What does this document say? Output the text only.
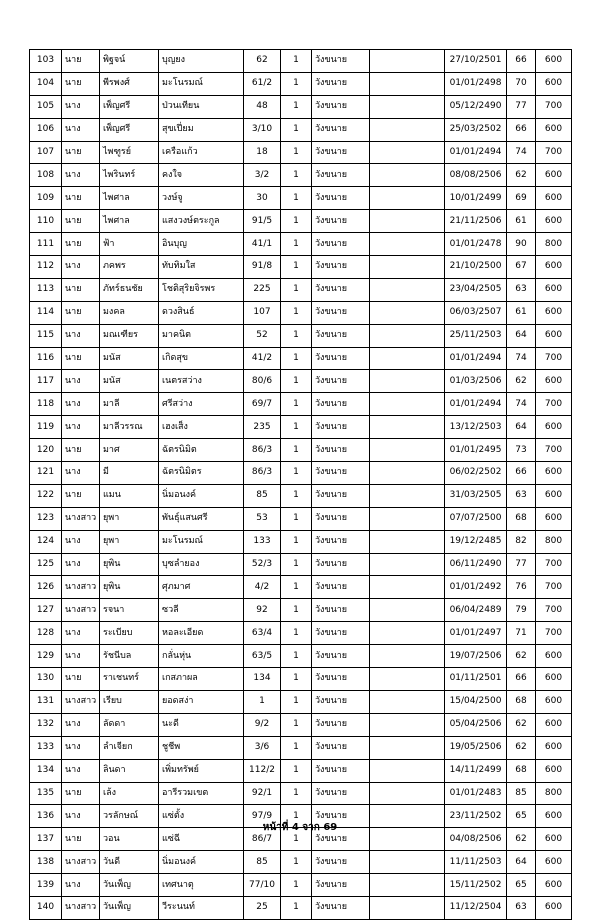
103	นาย	พิฐจน์	บุญยง	62	1	วังขนาย		27/10/2501	66	600
104	นาย	พีรพงศ์	มะโนรมณ์	61/2	1	วังขนาย		01/01/2498	70	600
105	นาง	เพ็ญศรี	ป่วนเทียน	48	1	วังขนาย		05/12/2490	77	700
106	นาง	เพ็ญศรี	สุขเปี่ยม	3/10	1	วังขนาย		25/03/2502	66	600
107	นาย	ไพฑูรย์	เครือแก้ว	18	1	วังขนาย		01/01/2494	74	700
108	นาง	ไพรินทร์	คงใจ	3/2	1	วังขนาย		08/08/2506	62	600
109	นาย	ไพศาล	วงษ์จู	30	1	วังขนาย		10/01/2499	69	600
110	นาย	ไพศาล	แสงวงษ์ตระกูล	91/5	1	วังขนาย		21/11/2506	61	600
111	นาย	ฟ้า	อินบุญ	41/1	1	วังขนาย		01/01/2478	90	800
112	นาง	ภคพร	ทับทิมใส	91/8	1	วังขนาย		21/10/2500	67	600
113	นาย	ภัทร์ธนชัย	โชติสุริยจิรพร	225	1	วังขนาย		23/04/2505	63	600
114	นาย	มงคล	ดวงสินธ์	107	1	วังขนาย		06/03/2507	61	600
115	นาง	มณเฑียร	มาคนิต	52	1	วังขนาย		25/11/2503	64	600
116	นาย	มนัส	เกิดสุข	41/2	1	วังขนาย		01/01/2494	74	700
117	นาง	มนัส	เนตรสว่าง	80/6	1	วังขนาย		01/03/2506	62	600
118	นาง	มาลี	ศรีสว่าง	69/7	1	วังขนาย		01/01/2494	74	700
119	นาง	มาลีวรรณ	เฮงเส็ง	235	1	วังขนาย		13/12/2503	64	600
120	นาย	มาศ	ฉัตรนิมิต	86/3	1	วังขนาย		01/01/2495	73	700
121	นาง	มี	ฉัตรนิมิตร	86/3	1	วังขนาย		06/02/2502	66	600
122	นาย	แมน	นิ่มอนงค์	85	1	วังขนาย		31/03/2505	63	600
123	นางสาว	ยุพา	พันธุ์แสนศรี	53	1	วังขนาย		07/07/2500	68	600
124	นาง	ยุพา	มะโนรมณ์	133	1	วังขนาย		19/12/2485	82	800
125	นาง	ยุพิน	บุซลำยอง	52/3	1	วังขนาย		06/11/2490	77	700
126	นางสาว	ยุพิน	ศุภมาศ	4/2	1	วังขนาย		01/01/2492	76	700
127	นางสาว	รจนา	ซวลี	92	1	วังขนาย		06/04/2489	79	700
128	นาง	ระเบียบ	หอละเอียด	63/4	1	วังขนาย		01/01/2497	71	700
129	นาง	รัชนีบล	กลั่นหุ่น	63/5	1	วังขนาย		19/07/2506	62	600
130	นาย	ราเชนทร์	เกสภาผล	134	1	วังขนาย		01/11/2501	66	600
131	นางสาว	เรียบ	ยอดสง่า	1	1	วังขนาย		15/04/2500	68	600
132	นาง	ลัดดา	นะดี	9/2	1	วังขนาย		05/04/2506	62	600
133	นาง	ลำเจียก	ชูชีพ	3/6	1	วังขนาย		19/05/2506	62	600
134	นาง	ลินดา	เพิ่มทรัพย์	112/2	1	วังขนาย		14/11/2499	68	600
135	นาย	เล้ง	อารีรวมเขต	92/1	1	วังขนาย		01/01/2483	85	800
136	นาง	วรลักษณ์	แซ่ตั้ง	97/9	1	วังขนาย		23/11/2502	65	600
137	นาย	วอน	แซ่ฉี	86/7	1	วังขนาย		04/08/2506	62	600
138	นางสาว	วันดี	นิ่มอนงค์	85	1	วังขนาย		11/11/2503	64	600
139	นาง	วันเพ็ญ	เทศนาตุ	77/10	1	วังขนาย		15/11/2502	65	600
140	นางสาว	วันเพ็ญ	วีระนนท์	25	1	วังขนาย		11/12/2504	63	600
หน้าที่ 4 จาก 69
